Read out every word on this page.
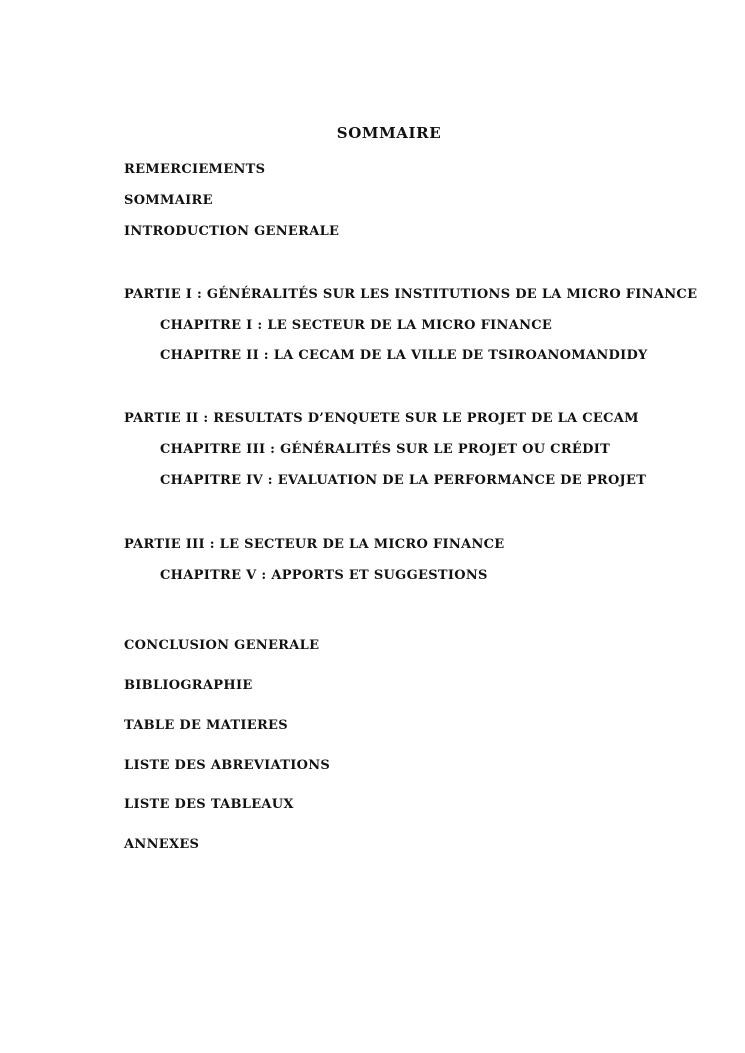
SOMMAIRE
REMERCIEMENTS
SOMMAIRE
INTRODUCTION GENERALE
PARTIE I : GÉNÉRALITÉS SUR LES INSTITUTIONS DE LA MICRO FINANCE
CHAPITRE I : LE SECTEUR DE LA MICRO FINANCE
CHAPITRE II : LA CECAM DE LA VILLE DE TSIROANOMANDIDY
PARTIE II : RESULTATS D’ENQUETE SUR LE PROJET DE LA CECAM
CHAPITRE III : GÉNÉRALITÉS SUR LE PROJET OU CRÉDIT
CHAPITRE IV : EVALUATION DE LA PERFORMANCE DE PROJET
PARTIE III : LE SECTEUR DE LA MICRO FINANCE
CHAPITRE V : APPORTS ET SUGGESTIONS
CONCLUSION GENERALE
BIBLIOGRAPHIE
TABLE DE MATIERES
LISTE DES ABREVIATIONS
LISTE DES TABLEAUX
ANNEXES
